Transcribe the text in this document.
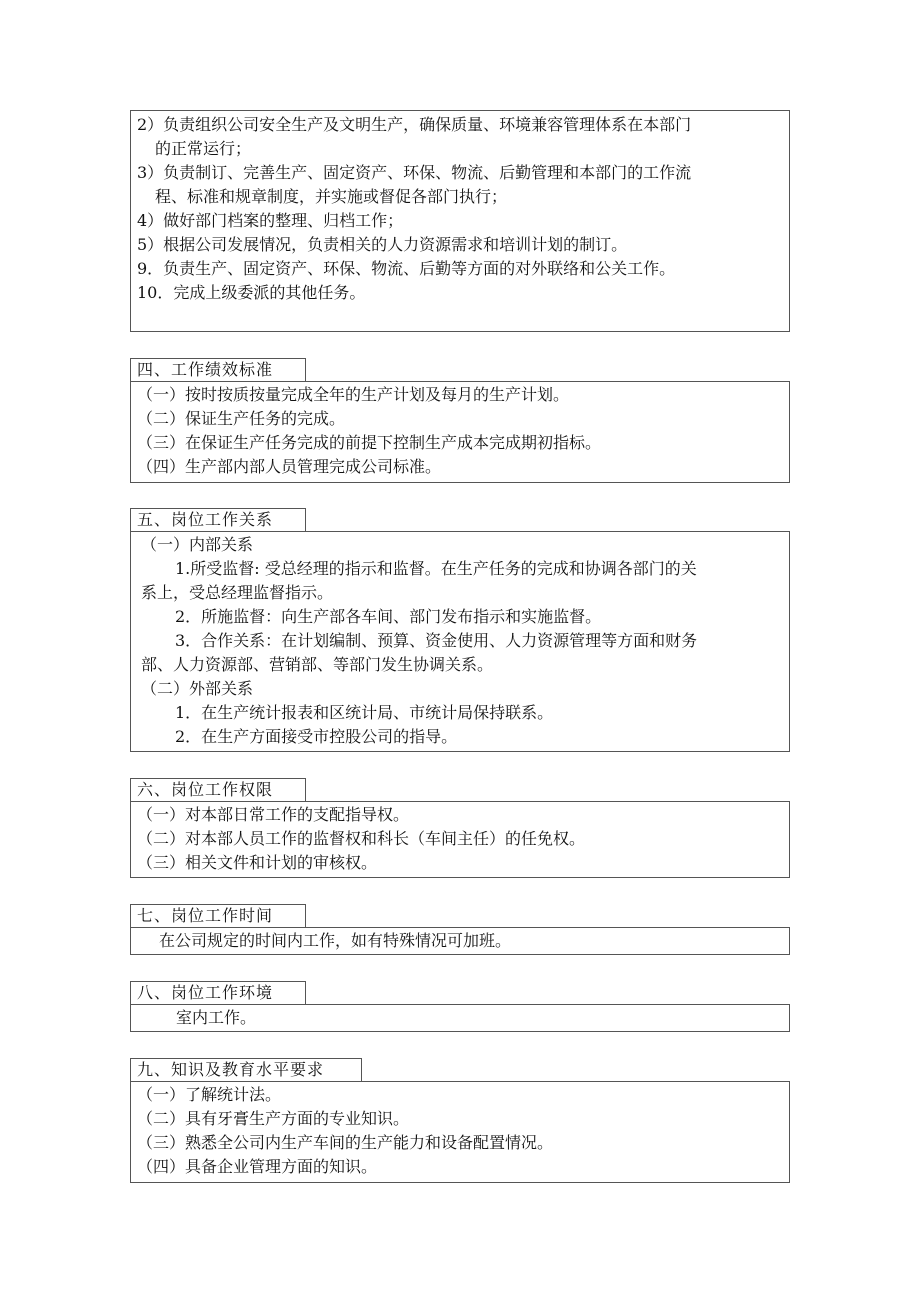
2）负责组织公司安全生产及文明生产，确保质量、环境兼容管理体系在本部门
的正常运行；
3）负责制订、完善生产、固定资产、环保、物流、后勤管理和本部门的工作流
程、标准和规章制度，并实施或督促各部门执行；
4）做好部门档案的整理、归档工作；
5）根据公司发展情况，负责相关的人力资源需求和培训计划的制订。
9．负责生产、固定资产、环保、物流、后勤等方面的对外联络和公关工作。
10．完成上级委派的其他任务。
四、工作绩效标准
（一）按时按质按量完成全年的生产计划及每月的生产计划。
（二）保证生产任务的完成。
（三）在保证生产任务完成的前提下控制生产成本完成期初指标。
（四）生产部内部人员管理完成公司标准。
五、岗位工作关系
（一）内部关系
1.所受监督: 受总经理的指示和监督。在生产任务的完成和协调各部门的关
系上，受总经理监督指示。
2．所施监督：向生产部各车间、部门发布指示和实施监督。
3．合作关系：在计划编制、预算、资金使用、人力资源管理等方面和财务
部、人力资源部、营销部、等部门发生协调关系。
（二）外部关系
1．在生产统计报表和区统计局、市统计局保持联系。
2．在生产方面接受市控股公司的指导。
六、岗位工作权限
（一）对本部日常工作的支配指导权。
（二）对本部人员工作的监督权和科长（车间主任）的任免权。
（三）相关文件和计划的审核权。
七、岗位工作时间
在公司规定的时间内工作，如有特殊情况可加班。
八、岗位工作环境
室内工作。
九、知识及教育水平要求
（一）了解统计法。
（二）具有牙膏生产方面的专业知识。
（三）熟悉全公司内生产车间的生产能力和设备配置情况。
（四）具备企业管理方面的知识。
